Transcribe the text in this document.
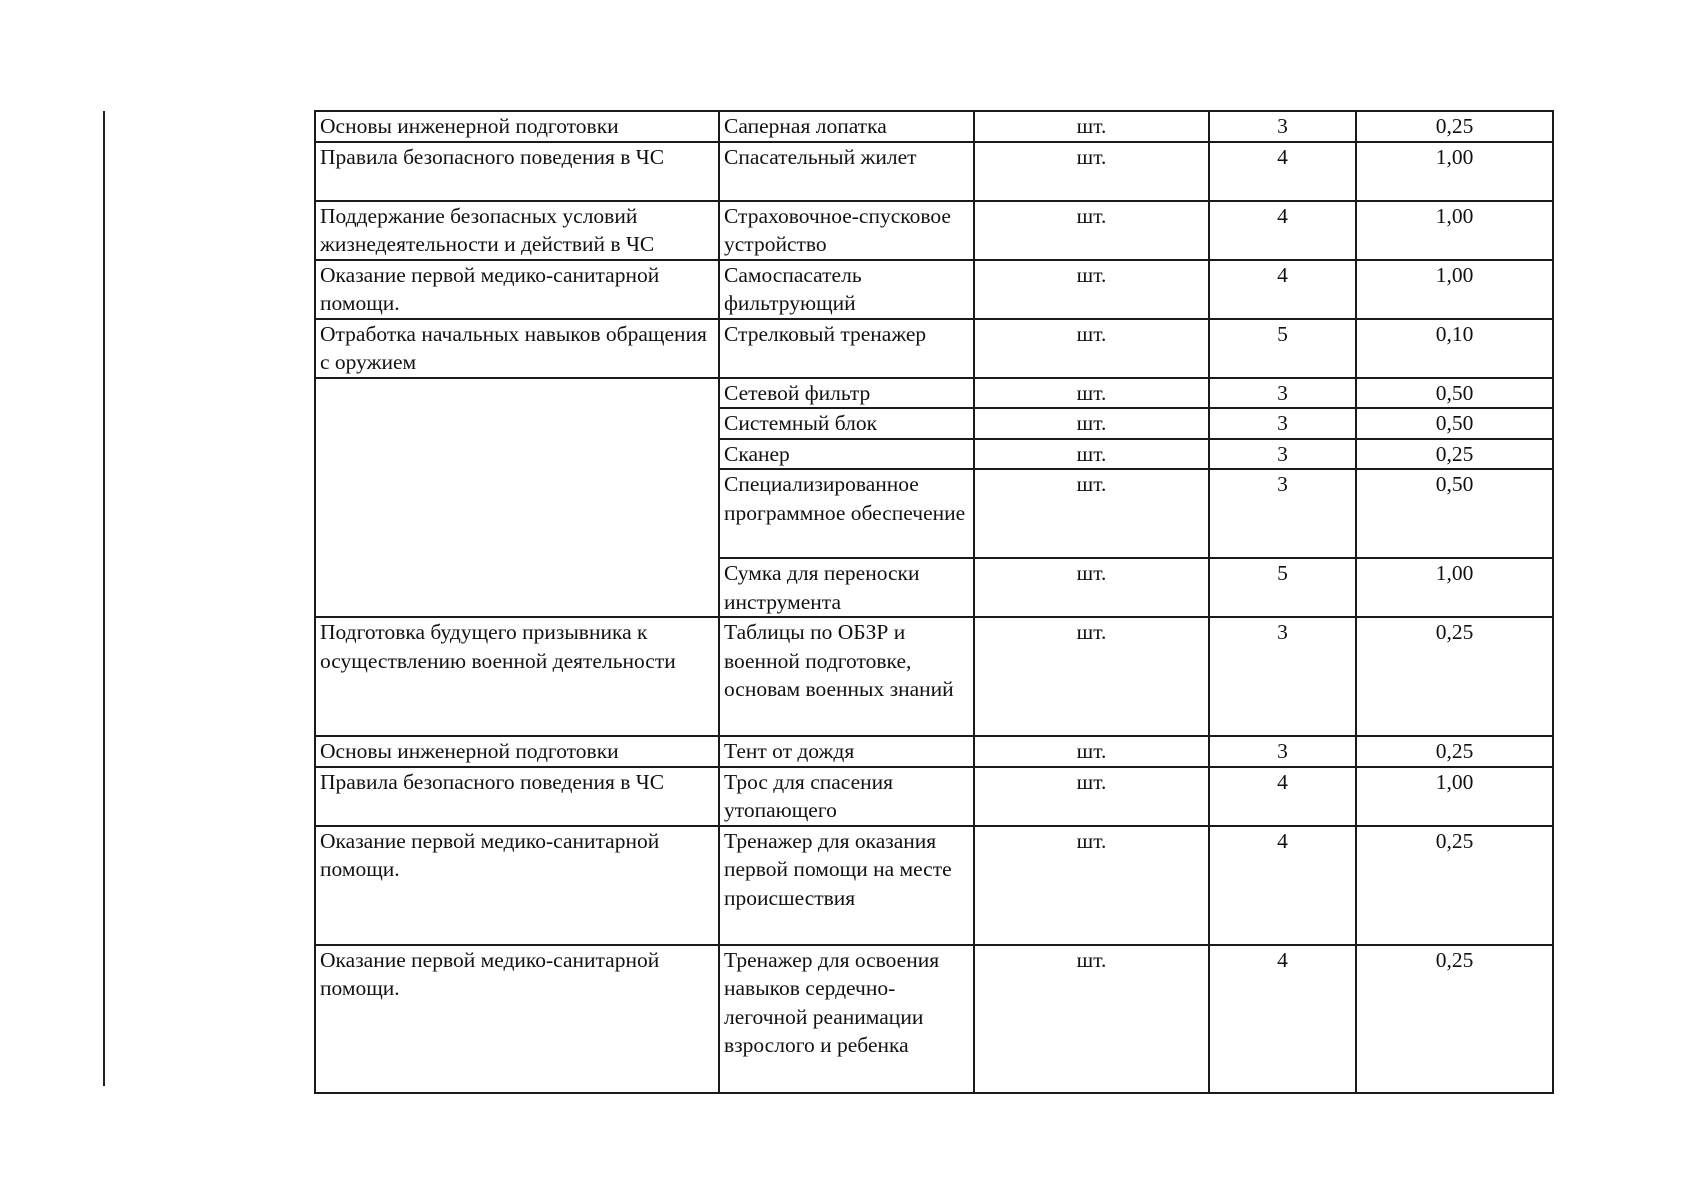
Основы инженерной подготовки	Саперная лопатка	шт.	3	0,25
Правила безопасного поведения в ЧС	Спасательный жилет	шт.	4	1,00
Поддержание безопасных условий жизнедеятельности и действий в ЧС	Страховочное-спусковое устройство	шт.	4	1,00
Оказание первой медико-санитарной помощи.	Самоспасатель фильтрующий	шт.	4	1,00
Отработка начальных навыков обращения с оружием	Стрелковый тренажер	шт.	5	0,10
	Сетевой фильтр	шт.	3	0,50
	Системный блок	шт.	3	0,50
	Сканер	шт.	3	0,25
	Специализированное программное обеспечение	шт.	3	0,50
	Сумка для переноски инструмента	шт.	5	1,00
Подготовка будущего призывника к осуществлению военной деятельности	Таблицы по ОБЗР и военной подготовке, основам военных знаний	шт.	3	0,25
Основы инженерной подготовки	Тент от дождя	шт.	3	0,25
Правила безопасного поведения в ЧС	Трос для спасения утопающего	шт.	4	1,00
Оказание первой медико-санитарной помощи.	Тренажер для оказания первой помощи на месте происшествия	шт.	4	0,25
Оказание первой медико-санитарной помощи.	Тренажер для освоения навыков сердечно-легочной реанимации взрослого и ребенка	шт.	4	0,25
